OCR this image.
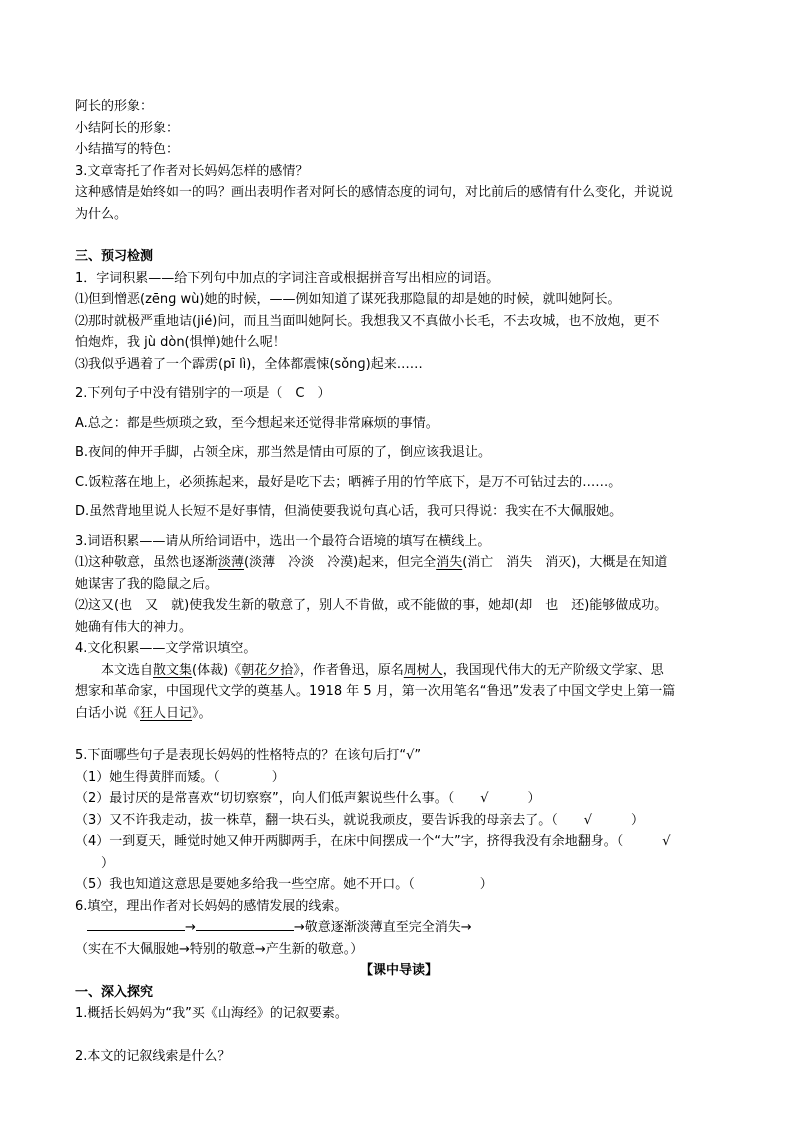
阿长的形象：
小结阿长的形象：
小结描写的特色：
3.文章寄托了作者对长妈妈怎样的感情？
这种感情是始终如一的吗？画出表明作者对阿长的感情态度的词句，对比前后的感情有什么变化，并说说
为什么。
三、预习检测
1．字词积累——给下列句中加点的字词注音或根据拼音写出相应的词语。
⑴但到憎恶(zēnɡ wù)她的时候，——例如知道了谋死我那隐鼠的却是她的时候，就叫她阿长。
⑵那时就极严重地诘(jié)问，而且当面叫她阿长。我想我又不真做小长毛，不去攻城，也不放炮，更不
怕炮炸，我 jù dòn(惧惮)她什么呢！
⑶我似乎遇着了一个霹雳(pī lì)，全体都震悚(sǒnɡ)起来……
2.下列句子中没有错别字的一项是（　C　）
A.总之：都是些烦琐之致，至今想起来还觉得非常麻烦的事情。
B.夜间的伸开手脚，占领全床，那当然是情由可原的了，倒应该我退让。
C.饭粒落在地上，必须拣起来，最好是吃下去；晒裤子用的竹竿底下，是万不可钻过去的……。
D.虽然背地里说人长短不是好事情，但淌使要我说句真心话，我可只得说：我实在不大佩服她。
3.词语积累——请从所给词语中，选出一个最符合语境的填写在横线上。
⑴这种敬意，虽然也逐渐淡薄(淡薄　冷淡　冷漠)起来，但完全消失(消亡　消失　消灭)，大概是在知道
她谋害了我的隐鼠之后。
⑵这又(也　又　就)使我发生新的敬意了，别人不肯做，或不能做的事，她却(却　也　还)能够做成功。
她确有伟大的神力。
4.文化积累——文学常识填空。
本文选自散文集(体裁)《朝花夕拾》，作者鲁迅，原名周树人，我国现代伟大的无产阶级文学家、思
想家和革命家，中国现代文学的奠基人。1918 年 5 月，第一次用笔名“鲁迅”发表了中国文学史上第一篇
白话小说《狂人日记》。
5.下面哪些句子是表现长妈妈的性格特点的？在该句后打“√”
（1）她生得黄胖而矮。（　　　　）
（2）最讨厌的是常喜欢“切切察察”，向人们低声絮说些什么事。（　　√　　　）
（3）又不许我走动，拔一株草，翻一块石头，就说我顽皮，要告诉我的母亲去了。（　　√　　　）
（4）一到夏天，睡觉时她又伸开两脚两手，在床中间摆成一个“大”字，挤得我没有余地翻身。（　　　√
　　）
（5）我也知道这意思是要她多给我一些空席。她不开口。（　　　　　）
6.填空，理出作者对长妈妈的感情发展的线索。
→	→敬意逐渐淡薄直至完全消失→
（实在不大佩服她→特别的敬意→产生新的敬意。）
【课中导读】
一、深入探究
1.概括长妈妈为“我”买《山海经》的记叙要素。
2.本文的记叙线索是什么？
